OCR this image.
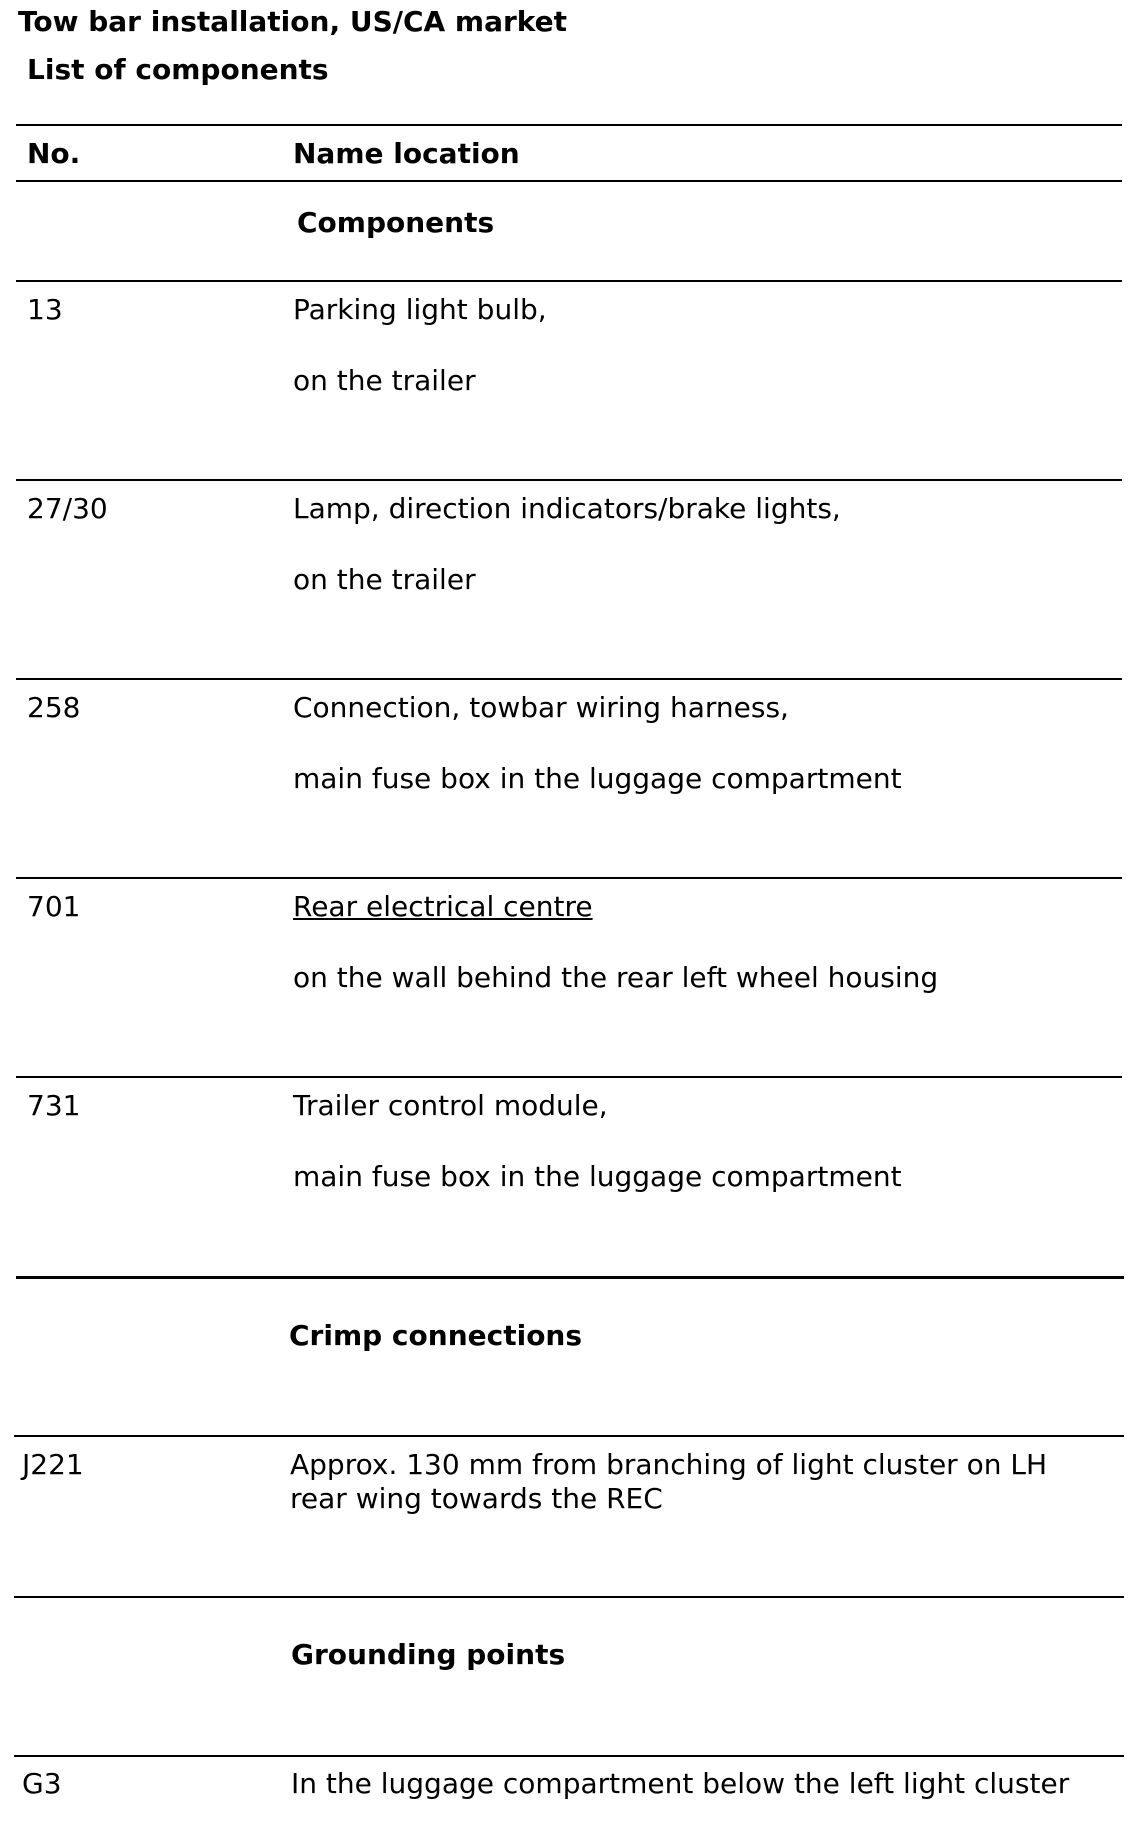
Tow bar installation, US/CA market
List of components
No.	Name location
Components
13	Parking light bulb,
on the trailer
27/30	Lamp, direction indicators/brake lights,
on the trailer
258	Connection, towbar wiring harness,
main fuse box in the luggage compartment
701	Rear electrical centre
on the wall behind the rear left wheel housing
731	Trailer control module,
main fuse box in the luggage compartment
Crimp connections
J221	Approx. 130 mm from branching of light cluster on LH
rear wing towards the REC
Grounding points
G3	In the luggage compartment below the left light cluster
